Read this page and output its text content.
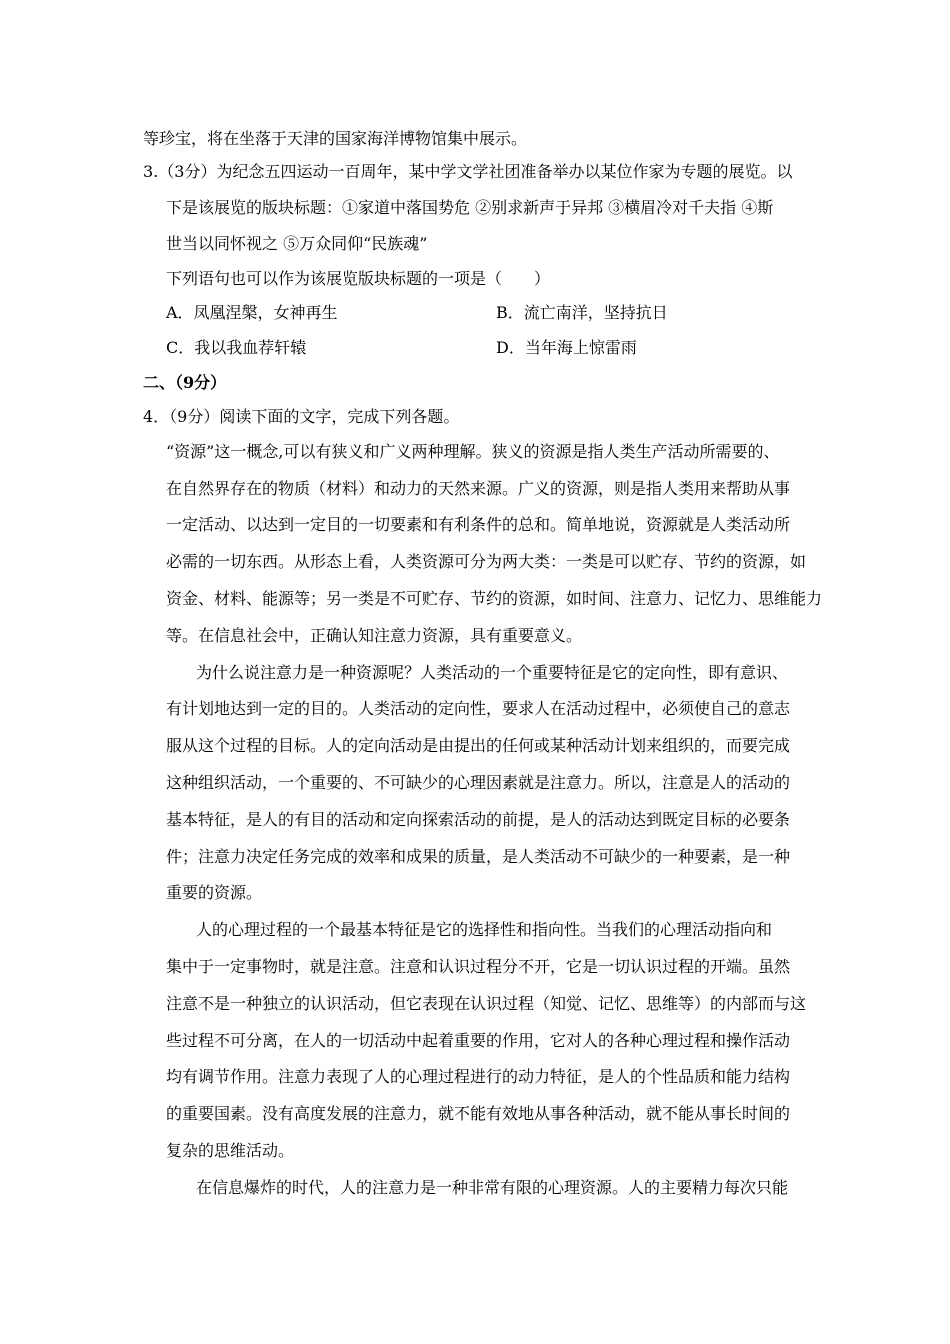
等珍宝，将在坐落于天津的国家海洋博物馆集中展示。
3.（3分）为纪念五四运动一百周年，某中学文学社团准备举办以某位作家为专题的展览。以
下是该展览的版块标题：①家道中落国势危 ②别求新声于异邦 ③横眉冷对千夫指 ④斯
世当以同怀视之 ⑤万众同仰“民族魂”
下列语句也可以作为该展览版块标题的一项是（　　）
A．凤凰涅槃，女神再生	B．流亡南洋，坚持抗日
C．我以我血荐轩辕	D．当年海上惊雷雨
二、（9分）
4．（9分）阅读下面的文字，完成下列各题。
“资源”这一概念,可以有狭义和广义两种理解。狭义的资源是指人类生产活动所需要的、
在自然界存在的物质（材料）和动力的天然来源。广义的资源，则是指人类用来帮助从事
一定活动、以达到一定目的一切要素和有利条件的总和。简单地说，资源就是人类活动所
必需的一切东西。从形态上看，人类资源可分为两大类：一类是可以贮存、节约的资源，如
资金、材料、能源等；另一类是不可贮存、节约的资源，如时间、注意力、记忆力、思维能力
等。在信息社会中，正确认知注意力资源，具有重要意义。
为什么说注意力是一种资源呢？人类活动的一个重要特征是它的定向性，即有意识、
有计划地达到一定的目的。人类活动的定向性，要求人在活动过程中，必须使自己的意志
服从这个过程的目标。人的定向活动是由提出的任何或某种活动计划来组织的，而要完成
这种组织活动，一个重要的、不可缺少的心理因素就是注意力。所以，注意是人的活动的
基本特征，是人的有目的活动和定向探索活动的前提，是人的活动达到既定目标的必要条
件；注意力决定任务完成的效率和成果的质量，是人类活动不可缺少的一种要素，是一种
重要的资源。
人的心理过程的一个最基本特征是它的选择性和指向性。当我们的心理活动指向和
集中于一定事物时，就是注意。注意和认识过程分不开，它是一切认识过程的开端。虽然
注意不是一种独立的认识活动，但它表现在认识过程（知觉、记忆、思维等）的内部而与这
些过程不可分离，在人的一切活动中起着重要的作用，它对人的各种心理过程和操作活动
均有调节作用。注意力表现了人的心理过程进行的动力特征，是人的个性品质和能力结构
的重要国素。没有高度发展的注意力，就不能有效地从事各种活动，就不能从事长时间的
复杂的思维活动。
在信息爆炸的时代，人的注意力是一种非常有限的心理资源。人的主要精力每次只能
